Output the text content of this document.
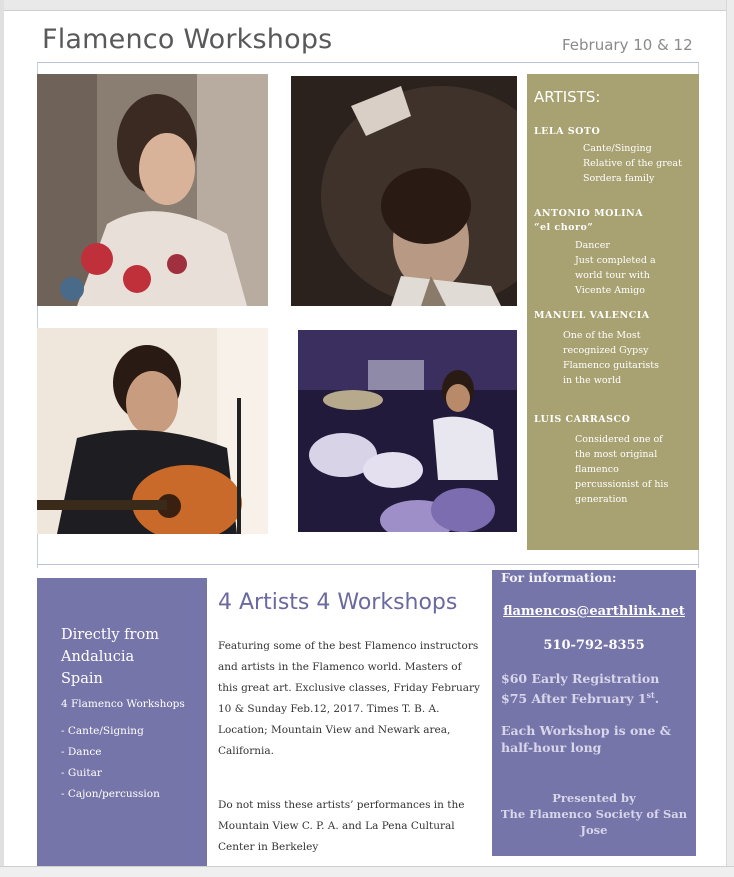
Flamenco Workshops	February 10 & 12
ARTISTS:
LELA SOTO
Cante/Singing
Relative of the great
Sordera family
ANTONIO MOLINA
“el choro”
Dancer
Just completed a
world tour with
Vicente Amigo
MANUEL VALENCIA
One of the Most
recognized Gypsy
Flamenco guitarists
in the world
LUIS CARRASCO
Considered one of
the most original
flamenco
percussionist of his
generation
Directly from
Andalucia
Spain
4 Flamenco Workshops
- Cante/Signing
- Dance
- Guitar
- Cajon/percussion
4 Artists 4 Workshops
Featuring some of the best Flamenco instructors and artists in the Flamenco world. Masters of this great art. Exclusive classes, Friday February 10 & Sunday Feb.12, 2017. Times T. B. A. Location; Mountain View and Newark area, California.
Do not miss these artists’ performances in the Mountain View C. P. A. and La Pena Cultural Center in Berkeley
For information:
flamencos@earthlink.net
510-792-8355
$60 Early Registration
$75 After February 1st.
Each Workshop is one & half-hour long
Presented by
The Flamenco Society of San Jose
